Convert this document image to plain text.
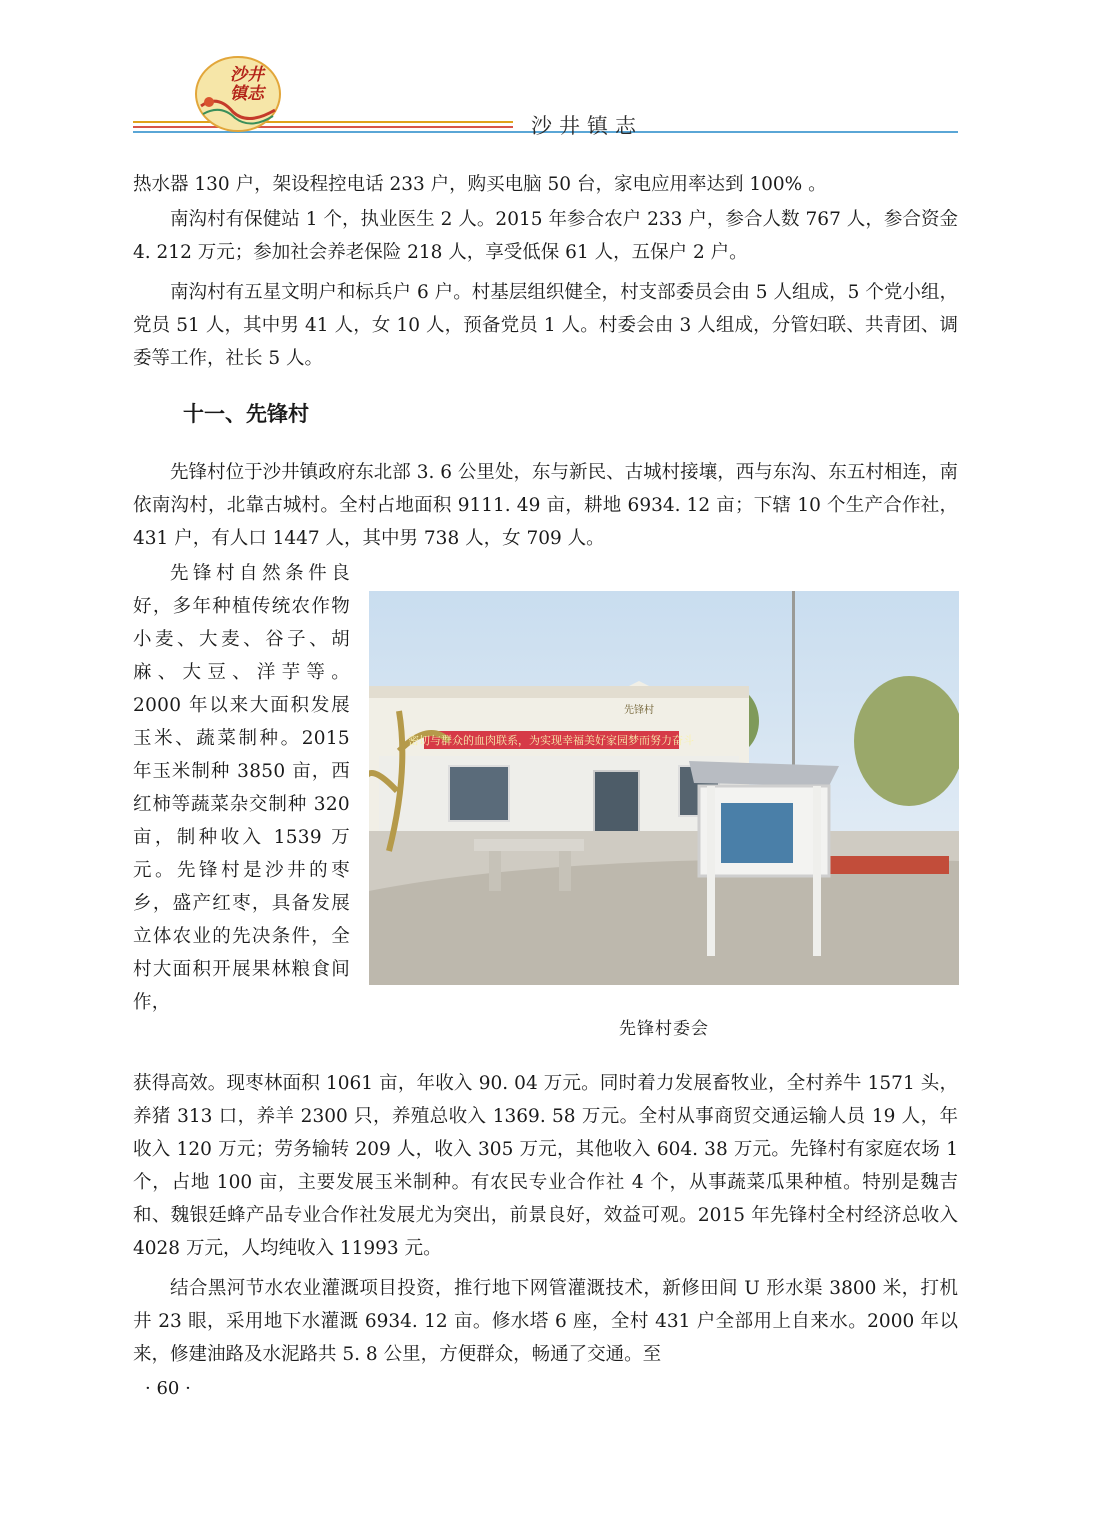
沙井
镇志
沙井镇志

热水器 130 户，架设程控电话 233 户，购买电脑 50 台，家电应用率达到 100% 。

南沟村有保健站 1 个，执业医生 2 人。2015 年参合农户 233 户，参合人数 767 人，参合资金 4. 212 万元；参加社会养老保险 218 人，享受低保 61 人，五保户 2 户。

南沟村有五星文明户和标兵户 6 户。村基层组织健全，村支部委员会由 5 人组成，5 个党小组，党员 51 人，其中男 41 人，女 10 人，预备党员 1 人。村委会由 3 人组成，分管妇联、共青团、调委等工作，社长 5 人。

十一、先锋村

先锋村位于沙井镇政府东北部 3. 6 公里处，东与新民、古城村接壤，西与东沟、东五村相连，南依南沟村，北靠古城村。全村占地面积 9111. 49 亩，耕地 6934. 12 亩；下辖 10 个生产合作社，431 户，有人口 1447 人，其中男 738 人，女 709 人。

先锋村自然条件良好，多年种植传统农作物小麦、大麦、谷子、胡麻、大豆、洋芋等。2000 年以来大面积发展玉米、蔬菜制种。2015 年玉米制种 3850 亩，西红柿等蔬菜杂交制种 320 亩，制种收入 1539 万元。先锋村是沙井的枣乡，盛产红枣，具备发展立体农业的先决条件，全村大面积开展果林粮食间作，

密切与群众的血肉联系，为实现幸福美好家园梦而努力奋斗
先锋村
先锋村委会

获得高效。现枣林面积 1061 亩，年收入 90. 04 万元。同时着力发展畜牧业，全村养牛 1571 头，养猪 313 口，养羊 2300 只，养殖总收入 1369. 58 万元。全村从事商贸交通运输人员 19 人，年收入 120 万元；劳务输转 209 人，收入 305 万元，其他收入 604. 38 万元。先锋村有家庭农场 1 个，占地 100 亩，主要发展玉米制种。有农民专业合作社 4 个，从事蔬菜瓜果种植。特别是魏吉和、魏银廷蜂产品专业合作社发展尤为突出，前景良好，效益可观。2015 年先锋村全村经济总收入 4028 万元，人均纯收入 11993 元。

结合黑河节水农业灌溉项目投资，推行地下网管灌溉技术，新修田间 U 形水渠 3800 米，打机井 23 眼，采用地下水灌溉 6934. 12 亩。修水塔 6 座，全村 431 户全部用上自来水。2000 年以来，修建油路及水泥路共 5. 8 公里，方便群众，畅通了交通。至

· 60 ·
